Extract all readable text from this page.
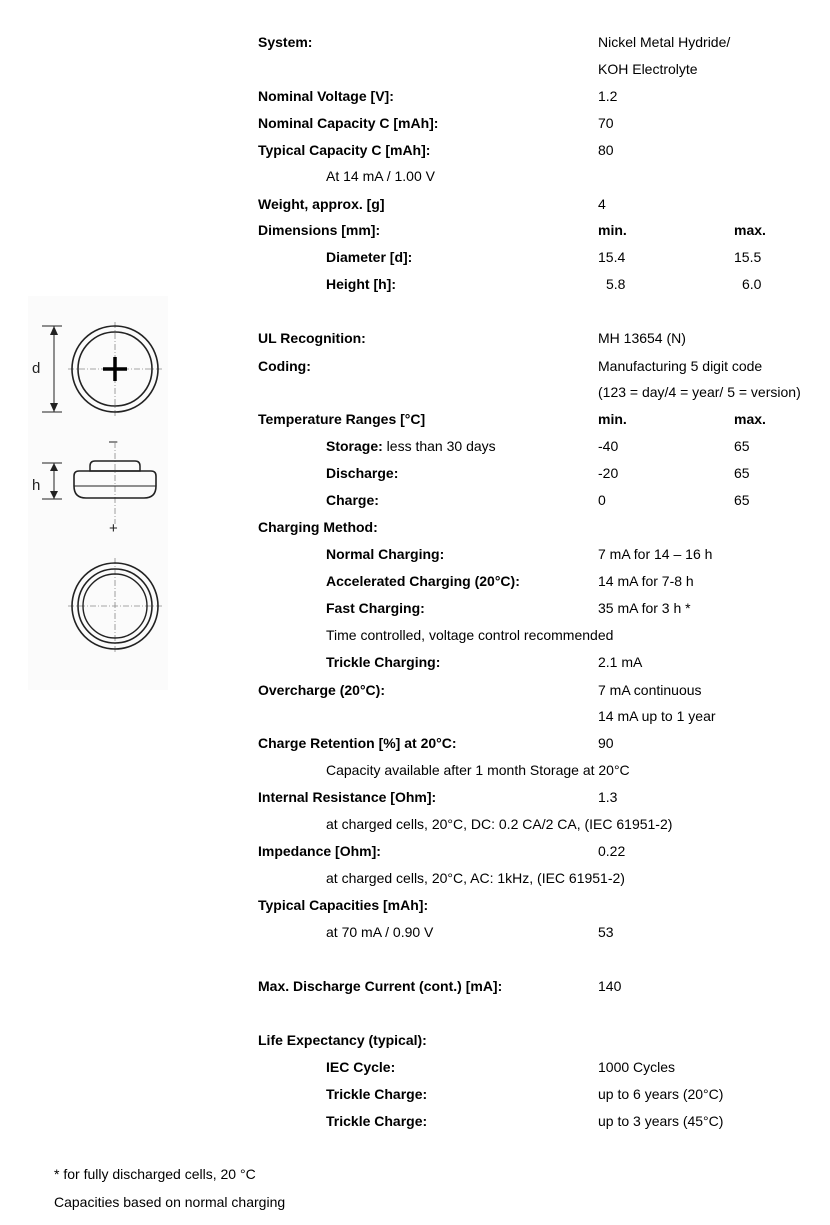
d
–
h
+
System:	Nickel Metal Hydride/
KOH Electrolyte
Nominal Voltage [V]:	1.2
Nominal Capacity C [mAh]:	70
Typical Capacity C [mAh]:	80
At 14 mA / 1.00 V
Weight, approx. [g]	4
Dimensions [mm]:	min.	max.
Diameter [d]:	15.4	15.5
Height [h]:	5.8	6.0
UL Recognition:	MH 13654 (N)
Coding:	Manufacturing 5 digit code
(123 = day/4 = year/ 5 = version)
Temperature Ranges [°C]	min.	max.
Storage: less than 30 days	-40	65
Discharge:	-20	65
Charge:	0	65
Charging Method:
Normal Charging:	7 mA for 14 – 16 h
Accelerated Charging (20°C):	14 mA for 7-8 h
Fast Charging:	35 mA for 3 h *
Time controlled, voltage control recommended
Trickle Charging:	2.1 mA
Overcharge (20°C):	7 mA continuous
14 mA up to 1 year
Charge Retention [%] at 20°C:	90
Capacity available after 1 month Storage at 20°C
Internal Resistance [Ohm]:	1.3
at charged cells, 20°C, DC: 0.2 CA/2 CA, (IEC 61951-2)
Impedance [Ohm]:	0.22
at charged cells, 20°C, AC: 1kHz, (IEC 61951-2)
Typical Capacities [mAh]:
at 70 mA / 0.90 V	53
Max. Discharge Current (cont.) [mA]:	140
Life Expectancy (typical):
IEC Cycle:	1000 Cycles
Trickle Charge:	up to 6 years (20°C)
Trickle Charge:	up to 3 years (45°C)
* for fully discharged cells, 20 °C
Capacities based on normal charging
